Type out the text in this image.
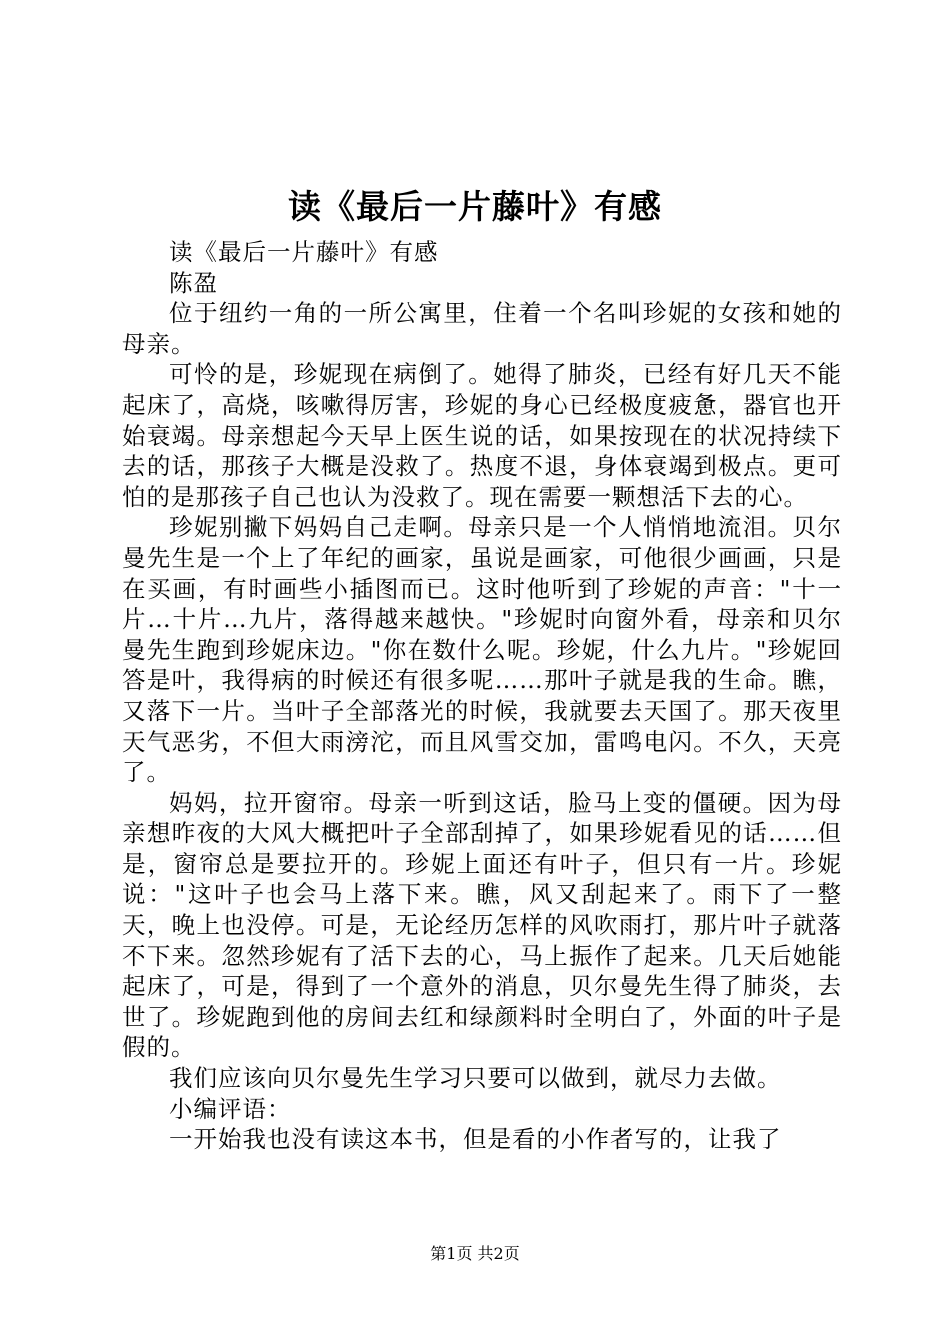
读《最后一片藤叶》有感

读《最后一片藤叶》有感

陈盈

位于纽约一角的一所公寓里，住着一个名叫珍妮的女孩和她的母亲。

可怜的是，珍妮现在病倒了。她得了肺炎，已经有好几天不能起床了，高烧，咳嗽得厉害，珍妮的身心已经极度疲惫，器官也开始衰竭。母亲想起今天早上医生说的话，如果按现在的状况持续下去的话，那孩子大概是没救了。热度不退，身体衰竭到极点。更可怕的是那孩子自己也认为没救了。现在需要一颗想活下去的心。

珍妮别撇下妈妈自己走啊。母亲只是一个人悄悄地流泪。贝尔曼先生是一个上了年纪的画家，虽说是画家，可他很少画画，只是在买画，有时画些小插图而已。这时他听到了珍妮的声音："十一片…十片…九片，落得越来越快。"珍妮时向窗外看，母亲和贝尔曼先生跑到珍妮床边。"你在数什么呢。珍妮，什么九片。"珍妮回答是叶，我得病的时候还有很多呢……那叶子就是我的生命。瞧，又落下一片。当叶子全部落光的时候，我就要去天国了。那天夜里天气恶劣，不但大雨滂沱，而且风雪交加，雷鸣电闪。不久，天亮了。

妈妈，拉开窗帘。母亲一听到这话，脸马上变的僵硬。因为母亲想昨夜的大风大概把叶子全部刮掉了，如果珍妮看见的话……但是，窗帘总是要拉开的。珍妮上面还有叶子，但只有一片。珍妮说："这叶子也会马上落下来。瞧，风又刮起来了。雨下了一整天，晚上也没停。可是，无论经历怎样的风吹雨打，那片叶子就落不下来。忽然珍妮有了活下去的心，马上振作了起来。几天后她能起床了，可是，得到了一个意外的消息，贝尔曼先生得了肺炎，去世了。珍妮跑到他的房间去红和绿颜料时全明白了，外面的叶子是假的。

我们应该向贝尔曼先生学习只要可以做到，就尽力去做。

小编评语：

一开始我也没有读这本书，但是看的小作者写的，让我了

第1页 共2页
